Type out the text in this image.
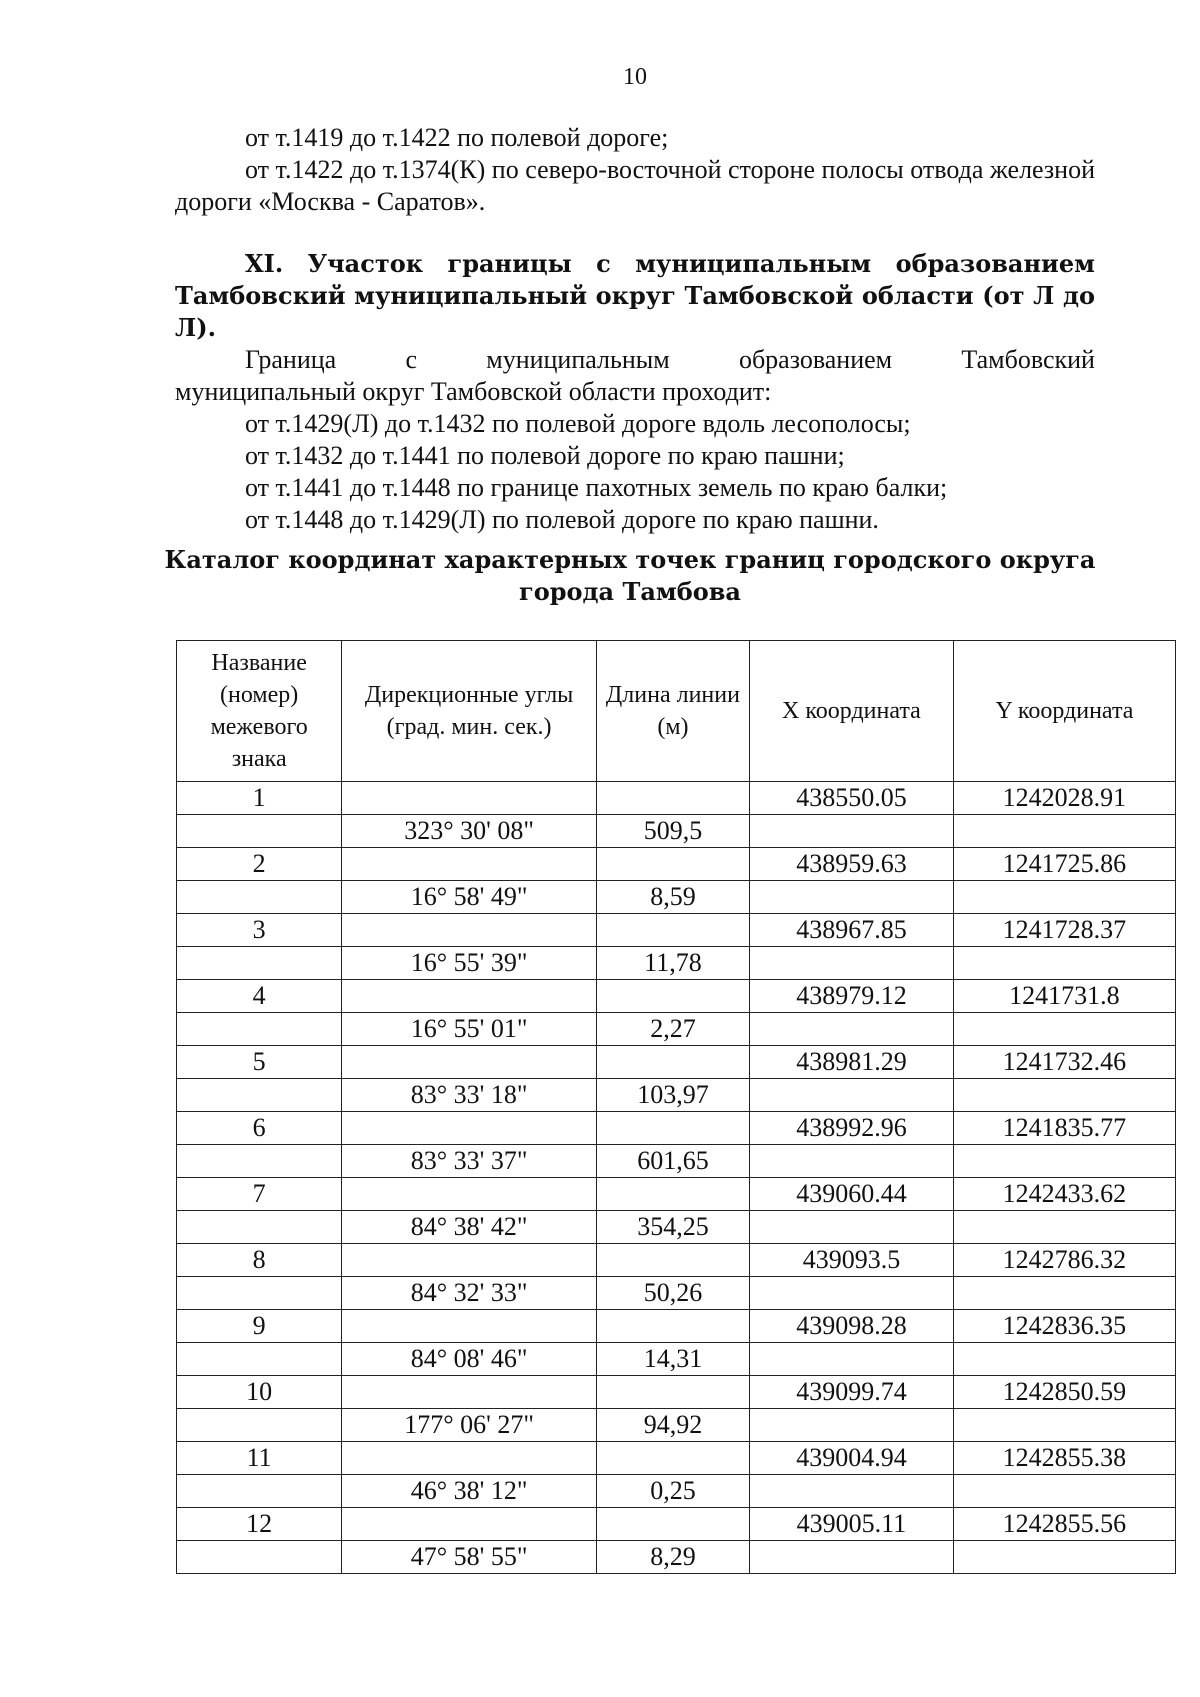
10

от т.1419 до т.1422 по полевой дороге;

от т.1422 до т.1374(К) по северо-восточной стороне полосы отвода железной дороги «Москва - Саратов».

XI. Участок границы с муниципальным образованием
Тамбовский муниципальный округ Тамбовской области (от Л до Л).
Граница	с	муниципальным	образованием	Тамбовский

муниципальный округ Тамбовской области проходит:

от т.1429(Л) до т.1432 по полевой дороге вдоль лесополосы;

от т.1432 до т.1441 по полевой дороге по краю пашни;

от т.1441 до т.1448 по границе пахотных земель по краю балки;

от т.1448 до т.1429(Л) по полевой дороге по краю пашни.

Каталог координат характерных точек границ городского округа
города Тамбова
Название (номер) межевого знака	Дирекционные углы (град. мин. сек.)	Длина линии (м)	X координата	Y координата
1			438550.05	1242028.91
	323° 30' 08"	509,5		
2			438959.63	1241725.86
	16° 58' 49"	8,59		
3			438967.85	1241728.37
	16° 55' 39"	11,78		
4			438979.12	1241731.8
	16° 55' 01"	2,27		
5			438981.29	1241732.46
	83° 33' 18"	103,97		
6			438992.96	1241835.77
	83° 33' 37"	601,65		
7			439060.44	1242433.62
	84° 38' 42"	354,25		
8			439093.5	1242786.32
	84° 32' 33"	50,26		
9			439098.28	1242836.35
	84° 08' 46"	14,31		
10			439099.74	1242850.59
	177° 06' 27"	94,92		
11			439004.94	1242855.38
	46° 38' 12"	0,25		
12			439005.11	1242855.56
	47° 58' 55"	8,29		
